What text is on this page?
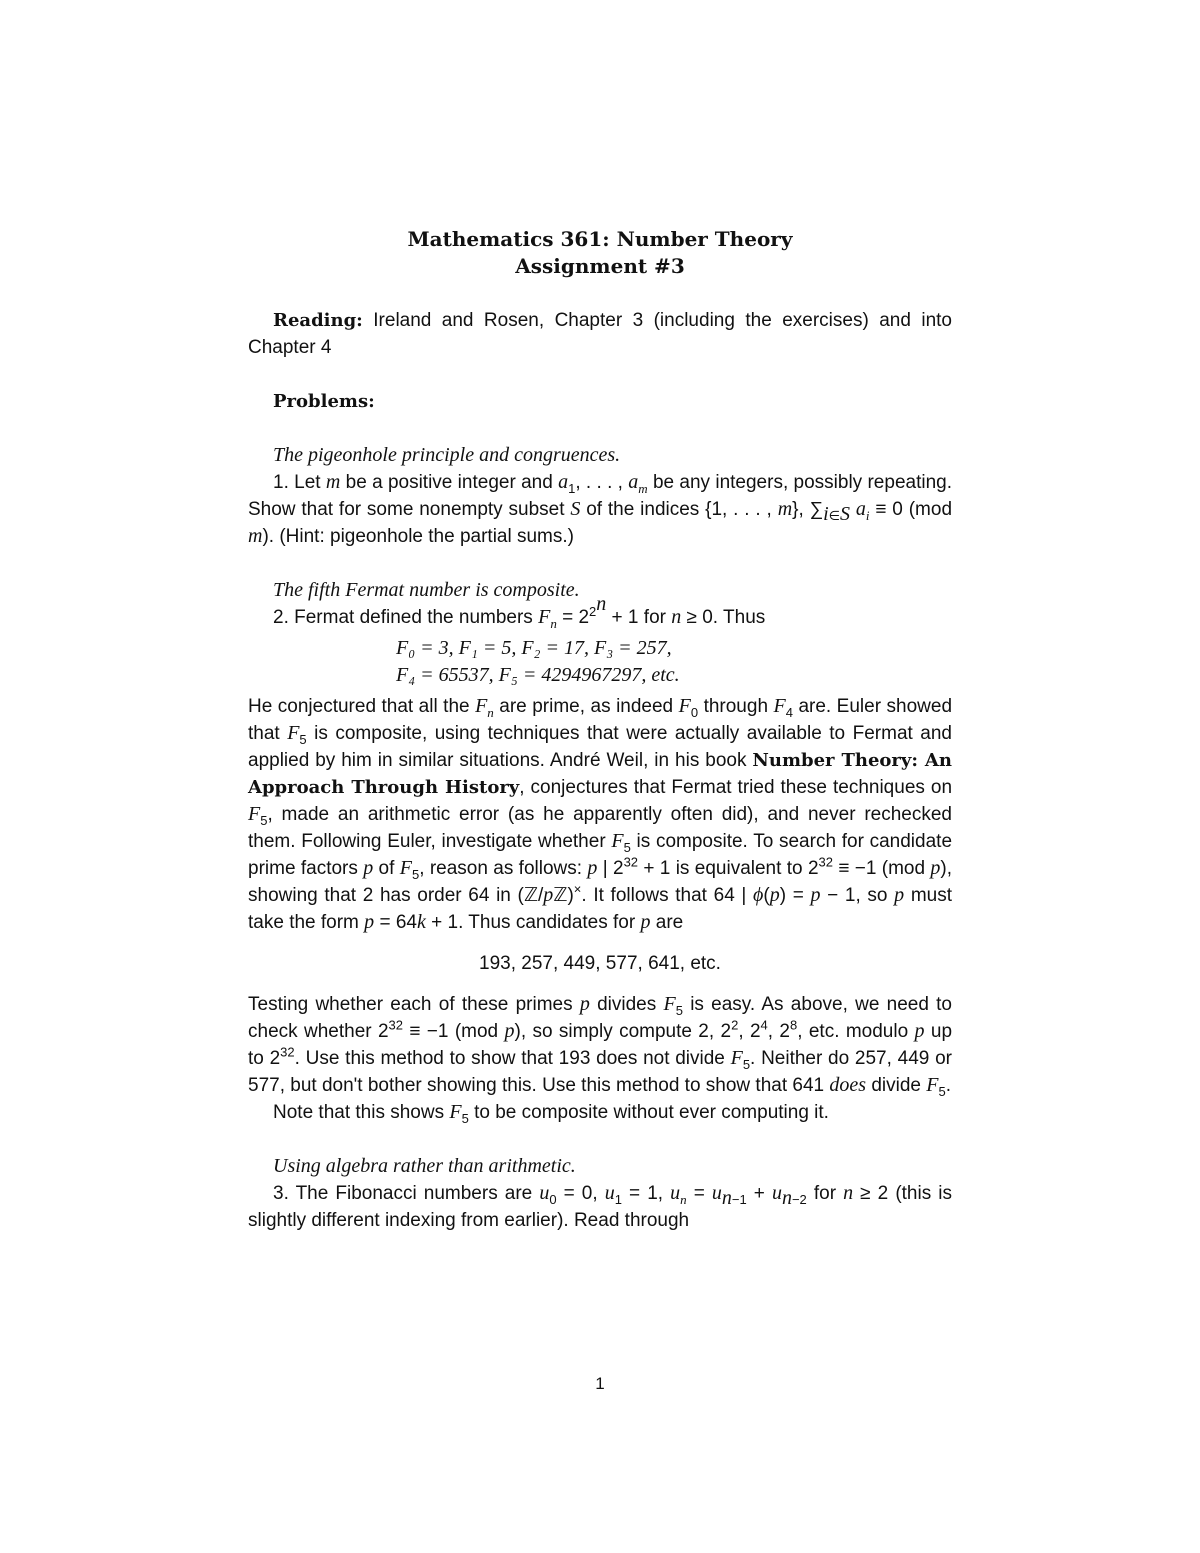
Mathematics 361: Number Theory
Assignment #3
Reading: Ireland and Rosen, Chapter 3 (including the exercises) and into Chapter 4
Problems:
The pigeonhole principle and congruences.
1. Let m be a positive integer and $a_1$, . . . , $a_m$ be any integers, possibly repeating. Show that for some nonempty subset S of the indices {1, . . . , m}, $\sum_{i\in S}$ $a_i \equiv 0$ (mod m). (Hint: pigeonhole the partial sums.)
The fifth Fermat number is composite.
2. Fermat defined the numbers $F_n = 2^{2^n} + 1$ for n ≥ 0. Thus
F₀ = 3, F₁ = 5, F₂ = 17, F₃ = 257,
F₄ = 65537, F₅ = 4294967297, etc.
He conjectured that all the $F_n$ are prime, as indeed $F_0$ through $F_4$ are. Euler showed that $F_5$ is composite, using techniques that were actually available to Fermat and applied by him in similar situations. André Weil, in his book Number Theory: An Approach Through History, conjectures that Fermat tried these techniques on $F_5$, made an arithmetic error (as he apparently often did), and never rechecked them. Following Euler, investigate whether $F_5$ is composite. To search for candidate prime factors p of $F_5$, reason as follows: p | $2^{32} + 1$ is equivalent to $2^{32} \equiv -1$ (mod p), showing that 2 has order 64 in (ℤ/pℤ)×. It follows that 64 | ϕ(p) = p − 1, so p must take the form p = 64k + 1. Thus candidates for p are
193, 257, 449, 577, 641, etc.
Testing whether each of these primes p divides $F_5$ is easy. As above, we need to check whether $2^{32} \equiv -1$ (mod p), so simply compute 2, $2^2$, $2^4$, $2^8$, etc. modulo p up to $2^{32}$. Use this method to show that 193 does not divide $F_5$. Neither do 257, 449 or 577, but don't bother showing this. Use this method to show that 641 does divide $F_5$.
Note that this shows $F_5$ to be composite without ever computing it.
Using algebra rather than arithmetic.
3. The Fibonacci numbers are $u_0 = 0$, $u_1 = 1$, $u_n = u_{n-1} + u_{n-2}$ for n ≥ 2 (this is slightly different indexing from earlier). Read through
1
